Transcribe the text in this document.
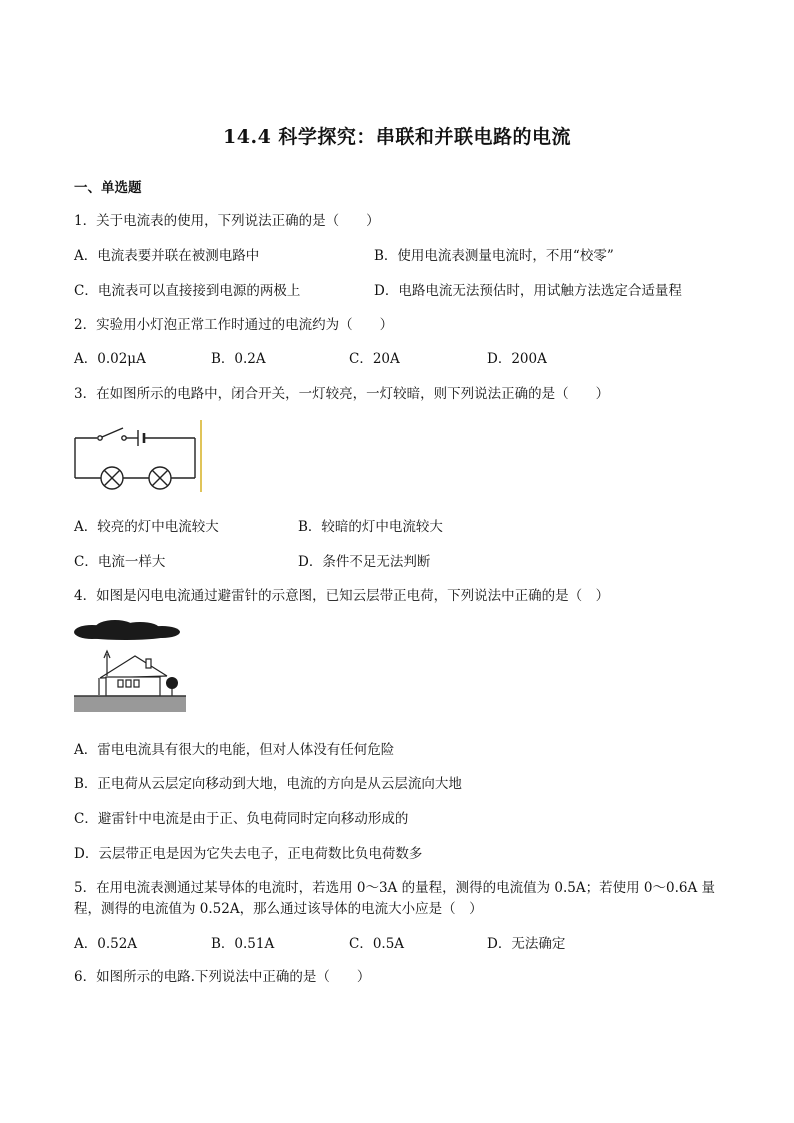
14.4 科学探究：串联和并联电路的电流
一、单选题
1．关于电流表的使用，下列说法正确的是（　　）
A．电流表要并联在被测电路中	B．使用电流表测量电流时，不用“校零”
C．电流表可以直接接到电源的两极上	D．电路电流无法预估时，用试触方法选定合适量程
2．实验用小灯泡正常工作时通过的电流约为（　　）
A．0.02μA	B．0.2A	C．20A	D．200A
3．在如图所示的电路中，闭合开关，一灯较亮，一灯较暗，则下列说法正确的是（　　）
A．较亮的灯中电流较大	B．较暗的灯中电流较大
C．电流一样大	D．条件不足无法判断
4．如图是闪电电流通过避雷针的示意图，已知云层带正电荷，下列说法中正确的是（　）
A．雷电电流具有很大的电能，但对人体没有任何危险
B．正电荷从云层定向移动到大地，电流的方向是从云层流向大地
C．避雷针中电流是由于正、负电荷同时定向移动形成的
D．云层带正电是因为它失去电子，正电荷数比负电荷数多
5．在用电流表测通过某导体的电流时，若选用 0～3A 的量程，测得的电流值为 0.5A；若使用 0～0.6A 量
程，测得的电流值为 0.52A，那么通过该导体的电流大小应是（　）
A．0.52A	B．0.51A	C．0.5A	D．无法确定
6．如图所示的电路.下列说法中正确的是（　　）
